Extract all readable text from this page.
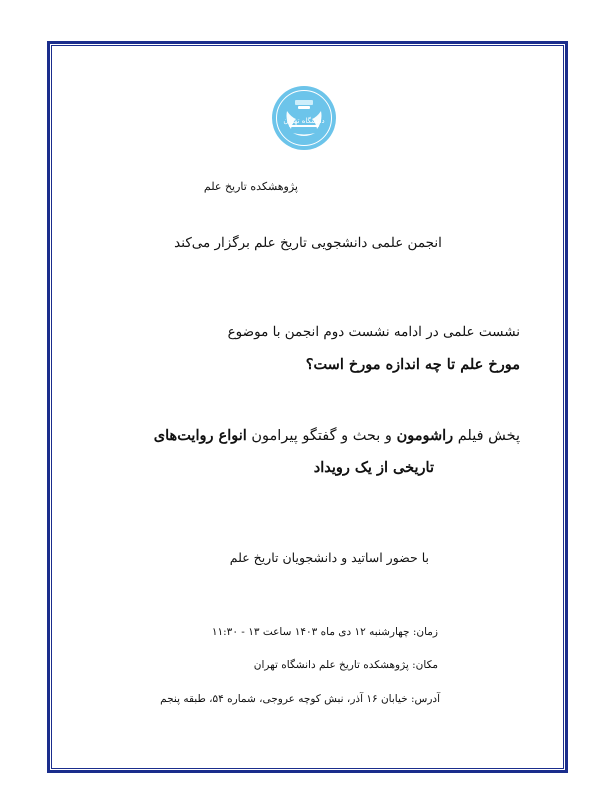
دانشگاه تهران
پژوهشکده تاریخ علم
انجمن علمی دانشجویی تاریخ علم برگزار می‌کند
نشست علمی در ادامه نشست دوم انجمن با موضوع
مورخ علم تا چه اندازه مورخ است؟
پخش فیلم راشومون و بحث و گفتگو پیرامون انواع روایت‌های
تاریخی از یک رویداد
با حضور اساتید و دانشجویان تاریخ علم
زمان: چهارشنبه ۱۲ دی ماه ۱۴۰۳ ساعت ۱۳ - ۱۱:۳۰
مکان: پژوهشکده تاریخ علم دانشگاه تهران
آدرس: خیابان ۱۶ آذر، نبش کوچه عروجی، شماره ۵۴، طبقه پنجم
